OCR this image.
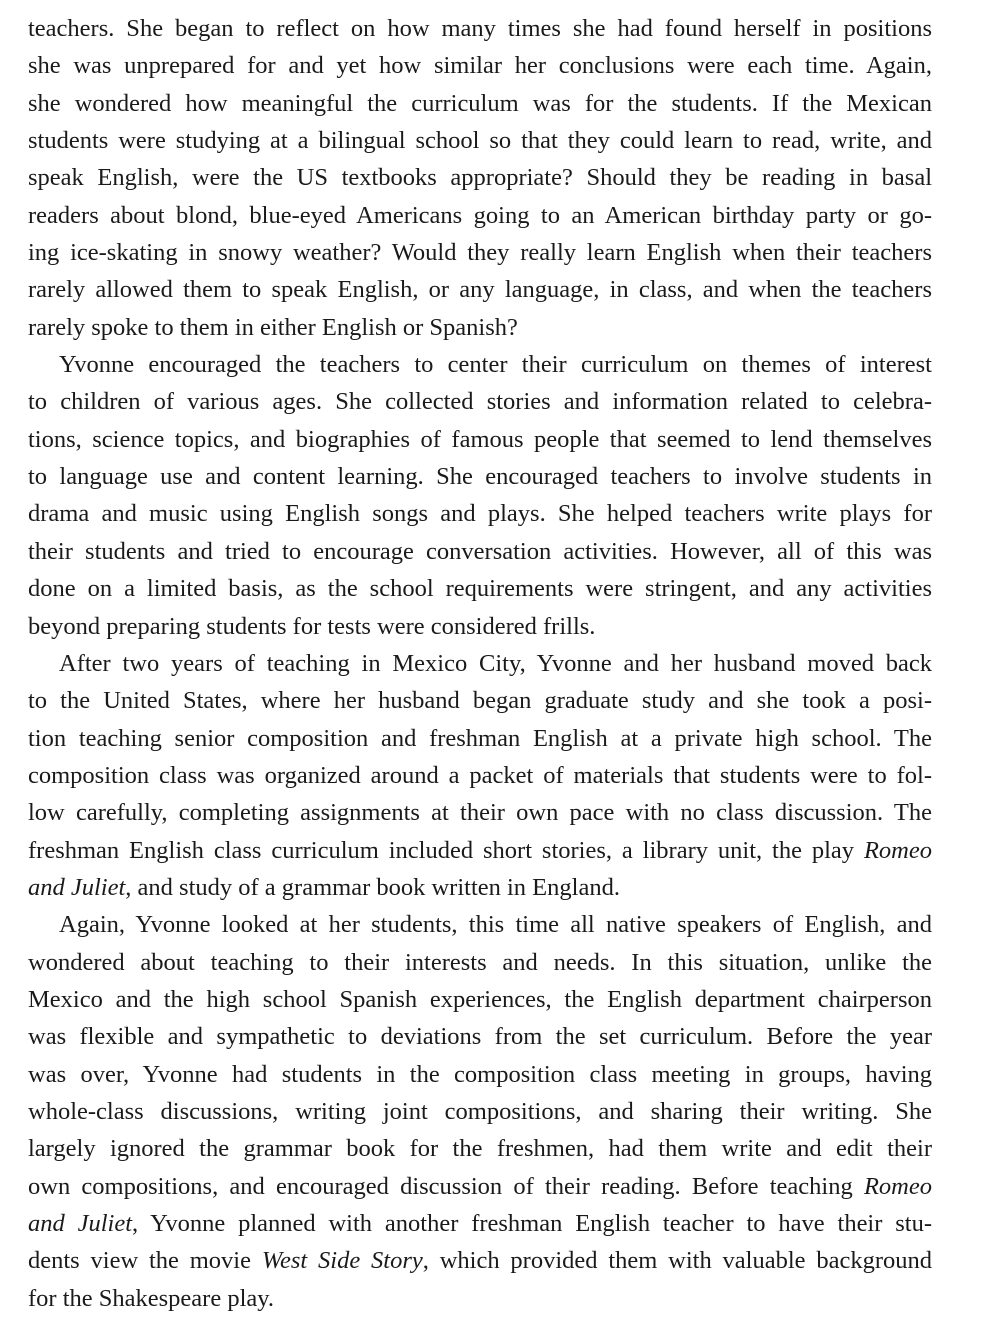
teachers. She began to reflect on how many times she had found herself in positions
she was unprepared for and yet how similar her conclusions were each time. Again,
she wondered how meaningful the curriculum was for the students. If the Mexican
students were studying at a bilingual school so that they could learn to read, write, and
speak English, were the US textbooks appropriate? Should they be reading in basal
readers about blond, blue-eyed Americans going to an American birthday party or go-
ing ice-skating in snowy weather? Would they really learn English when their teachers
rarely allowed them to speak English, or any language, in class, and when the teachers
rarely spoke to them in either English or Spanish?
Yvonne encouraged the teachers to center their curriculum on themes of interest
to children of various ages. She collected stories and information related to celebra-
tions, science topics, and biographies of famous people that seemed to lend themselves
to language use and content learning. She encouraged teachers to involve students in
drama and music using English songs and plays. She helped teachers write plays for
their students and tried to encourage conversation activities. However, all of this was
done on a limited basis, as the school requirements were stringent, and any activities
beyond preparing students for tests were considered frills.
After two years of teaching in Mexico City, Yvonne and her husband moved back
to the United States, where her husband began graduate study and she took a posi-
tion teaching senior composition and freshman English at a private high school. The
composition class was organized around a packet of materials that students were to fol-
low carefully, completing assignments at their own pace with no class discussion. The
freshman English class curriculum included short stories, a library unit, the play Romeo
and Juliet, and study of a grammar book written in England.
Again, Yvonne looked at her students, this time all native speakers of English, and
wondered about teaching to their interests and needs. In this situation, unlike the
Mexico and the high school Spanish experiences, the English department chairperson
was flexible and sympathetic to deviations from the set curriculum. Before the year
was over, Yvonne had students in the composition class meeting in groups, having
whole-class discussions, writing joint compositions, and sharing their writing. She
largely ignored the grammar book for the freshmen, had them write and edit their
own compositions, and encouraged discussion of their reading. Before teaching Romeo
and Juliet, Yvonne planned with another freshman English teacher to have their stu-
dents view the movie West Side Story, which provided them with valuable background
for the Shakespeare play.
